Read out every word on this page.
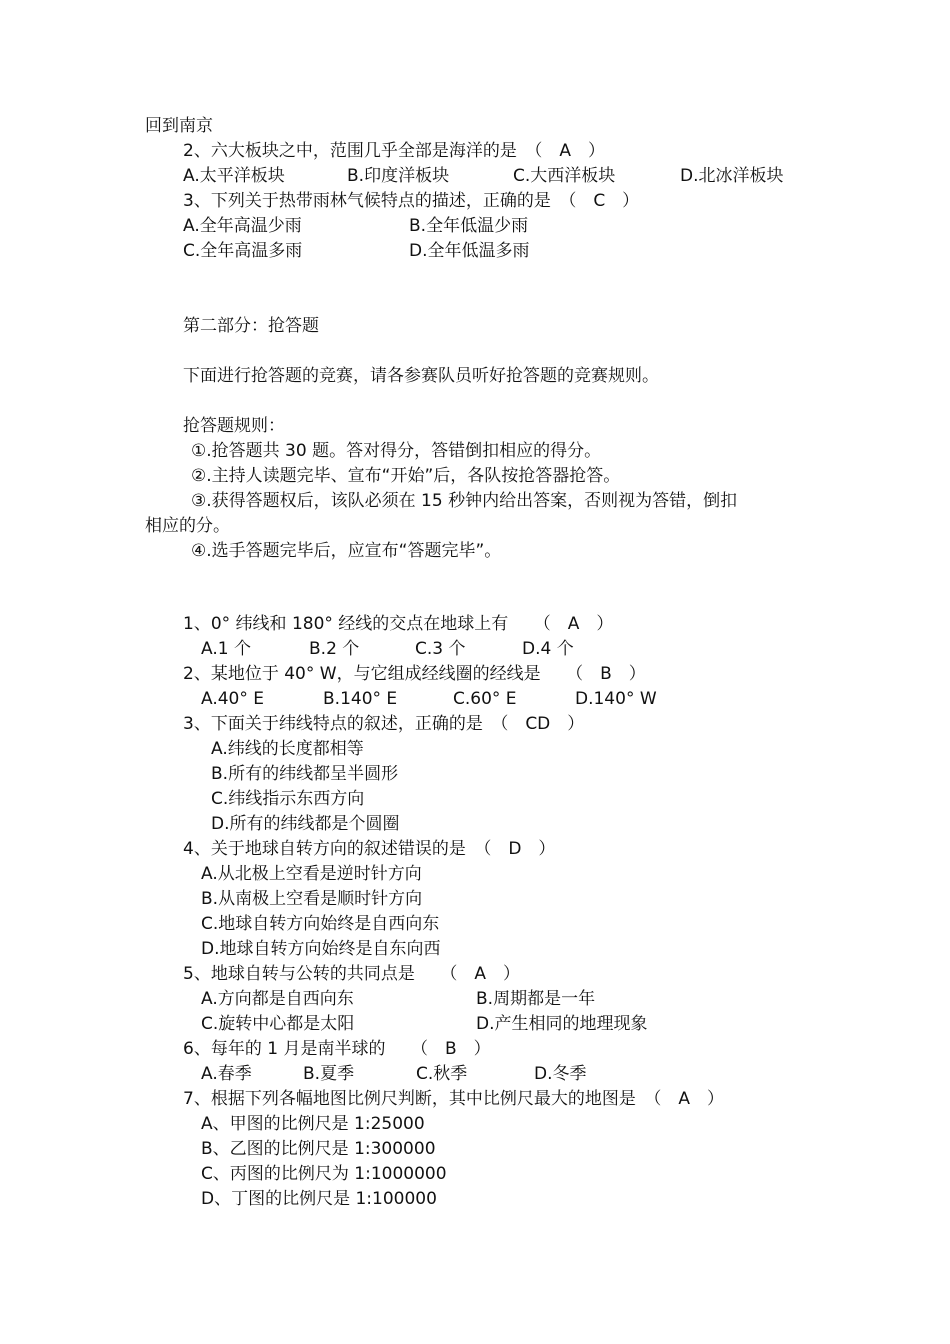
回到南京
2、六大板块之中，范围几乎全部是海洋的是　（　A　）
A.太平洋板块	B.印度洋板块	C.大西洋板块	D.北冰洋板块
3、下列关于热带雨林气候特点的描述，正确的是　（　C　）
A.全年高温少雨	B.全年低温少雨
C.全年高温多雨	D.全年低温多雨
第二部分：抢答题
下面进行抢答题的竞赛，请各参赛队员听好抢答题的竞赛规则。
抢答题规则：
①.抢答题共 30 题。答对得分，答错倒扣相应的得分。
②.主持人读题完毕、宣布“开始”后，各队按抢答器抢答。
③.获得答题权后，该队必须在 15 秒钟内给出答案，否则视为答错，倒扣
相应的分。
④.选手答题完毕后，应宣布“答题完毕”。
1、0° 纬线和 180° 经线的交点在地球上有　　（　A　）
A.1 个	B.2 个	C.3 个	D.4 个
2、某地位于 40° W，与它组成经线圈的经线是　　（　B　）
A.40° E	B.140° E	C.60° E	D.140° W
3、下面关于纬线特点的叙述，正确的是　（　CD　）
A.纬线的长度都相等
B.所有的纬线都呈半圆形
C.纬线指示东西方向
D.所有的纬线都是个圆圈
4、关于地球自转方向的叙述错误的是　（　D　）
A.从北极上空看是逆时针方向
B.从南极上空看是顺时针方向
C.地球自转方向始终是自西向东
D.地球自转方向始终是自东向西
5、地球自转与公转的共同点是　　（　A　）
A.方向都是自西向东	B.周期都是一年
C.旋转中心都是太阳	D.产生相同的地理现象
6、每年的 1 月是南半球的　　（　B　）
A.春季	B.夏季	C.秋季	D.冬季
7、根据下列各幅地图比例尺判断，其中比例尺最大的地图是　（　A　）
A、甲图的比例尺是 1:25000
B、乙图的比例尺是 1:300000
C、丙图的比例尺为 1:1000000
D、丁图的比例尺是 1:100000
